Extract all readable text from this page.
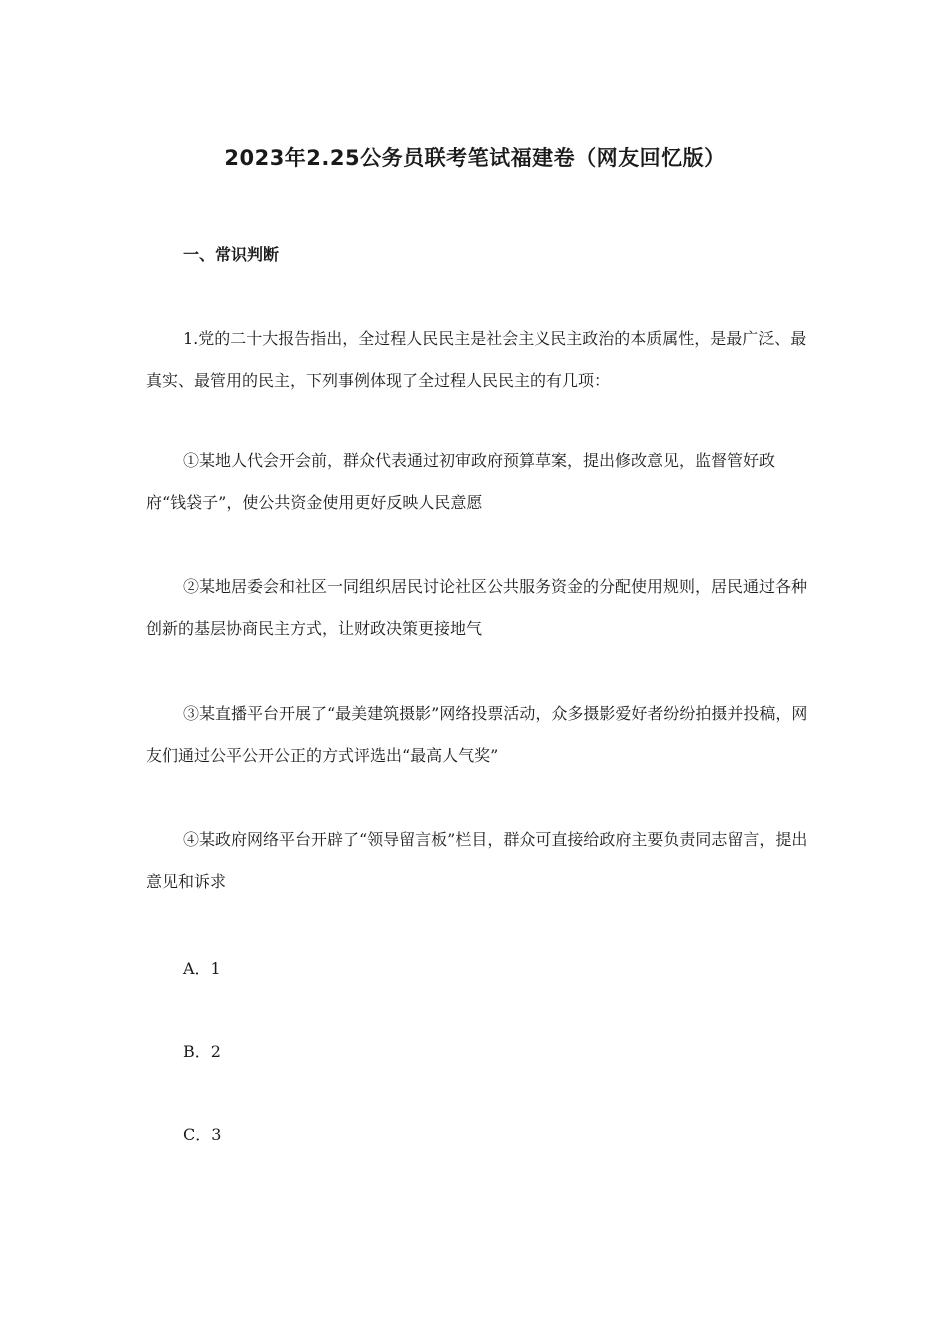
2023年2.25公务员联考笔试福建卷（网友回忆版）
一、常识判断

1.党的二十大报告指出，全过程人民民主是社会主义民主政治的本质属性，是最广泛、最真实、最管用的民主，下列事例体现了全过程人民民主的有几项：

①某地人代会开会前，群众代表通过初审政府预算草案，提出修改意见，监督管好政府“钱袋子”，使公共资金使用更好反映人民意愿

②某地居委会和社区一同组织居民讨论社区公共服务资金的分配使用规则，居民通过各种创新的基层协商民主方式，让财政决策更接地气

③某直播平台开展了“最美建筑摄影”网络投票活动，众多摄影爱好者纷纷拍摄并投稿，网友们通过公平公开公正的方式评选出“最高人气奖”

④某政府网络平台开辟了“领导留言板”栏目，群众可直接给政府主要负责同志留言，提出意见和诉求

A．1

B．2

C．3
